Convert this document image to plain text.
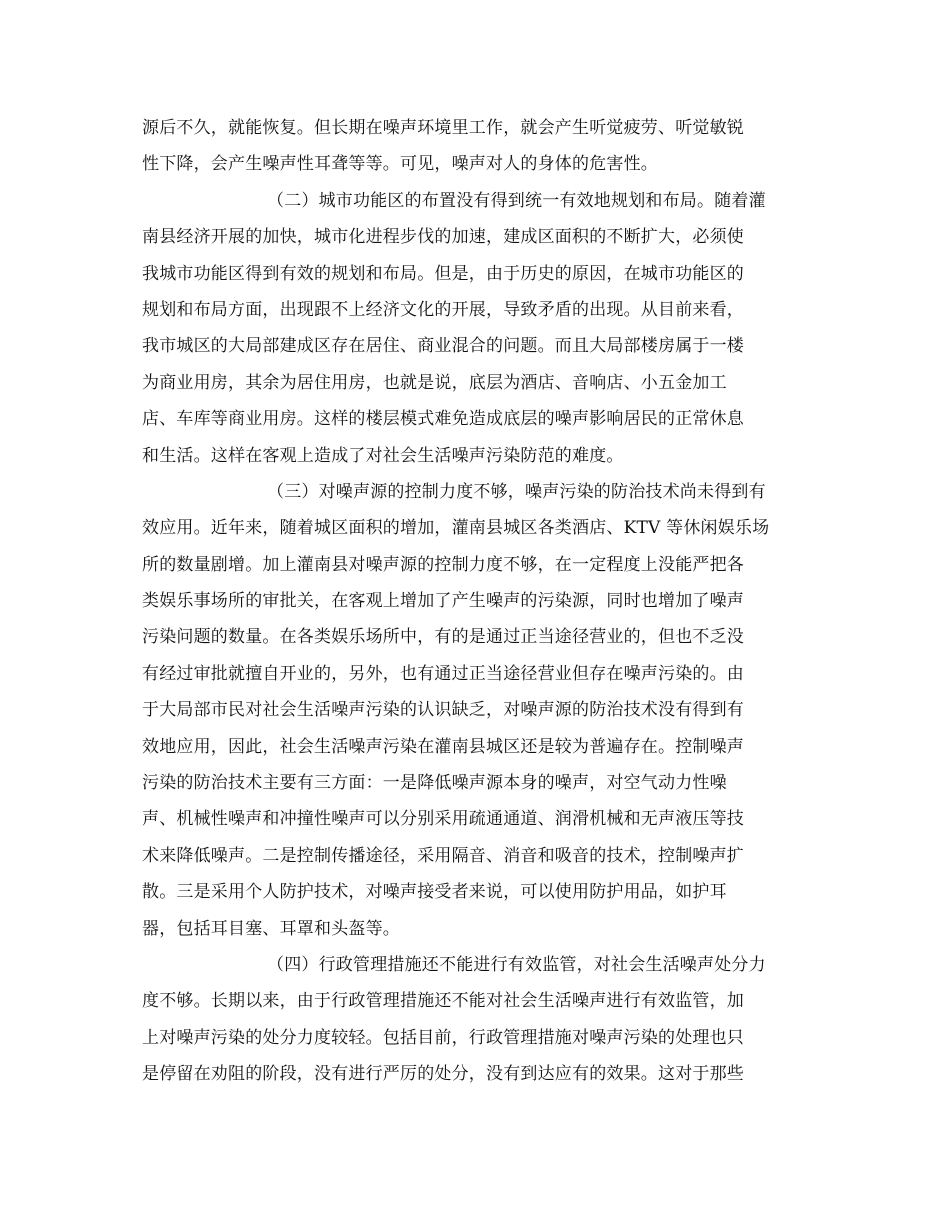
源后不久，就能恢复。但长期在噪声环境里工作，就会产生听觉疲劳、听觉敏锐
性下降，会产生噪声性耳聋等等。可见，噪声对人的身体的危害性。
（二）城市功能区的布置没有得到统一有效地规划和布局。随着灌
南县经济开展的加快，城市化进程步伐的加速，建成区面积的不断扩大，必须使
我城市功能区得到有效的规划和布局。但是，由于历史的原因，在城市功能区的
规划和布局方面，出现跟不上经济文化的开展，导致矛盾的出现。从目前来看，
我市城区的大局部建成区存在居住、商业混合的问题。而且大局部楼房属于一楼
为商业用房，其余为居住用房，也就是说，底层为酒店、音响店、小五金加工
店、车库等商业用房。这样的楼层模式难免造成底层的噪声影响居民的正常休息
和生活。这样在客观上造成了对社会生活噪声污染防范的难度。
（三）对噪声源的控制力度不够，噪声污染的防治技术尚未得到有
效应用。近年来，随着城区面积的增加，灌南县城区各类酒店、KTV 等休闲娱乐场
所的数量剧增。加上灌南县对噪声源的控制力度不够，在一定程度上没能严把各
类娱乐事场所的审批关，在客观上增加了产生噪声的污染源，同时也增加了噪声
污染问题的数量。在各类娱乐场所中，有的是通过正当途径营业的，但也不乏没
有经过审批就擅自开业的，另外，也有通过正当途径营业但存在噪声污染的。由
于大局部市民对社会生活噪声污染的认识缺乏，对噪声源的防治技术没有得到有
效地应用，因此，社会生活噪声污染在灌南县城区还是较为普遍存在。控制噪声
污染的防治技术主要有三方面：一是降低噪声源本身的噪声，对空气动力性噪
声、机械性噪声和冲撞性噪声可以分别采用疏通通道、润滑机械和无声液压等技
术来降低噪声。二是控制传播途径，采用隔音、消音和吸音的技术，控制噪声扩
散。三是采用个人防护技术，对噪声接受者来说，可以使用防护用品，如护耳
器，包括耳目塞、耳罩和头盔等。
（四）行政管理措施还不能进行有效监管，对社会生活噪声处分力
度不够。长期以来，由于行政管理措施还不能对社会生活噪声进行有效监管，加
上对噪声污染的处分力度较轻。包括目前，行政管理措施对噪声污染的处理也只
是停留在劝阻的阶段，没有进行严厉的处分，没有到达应有的效果。这对于那些
